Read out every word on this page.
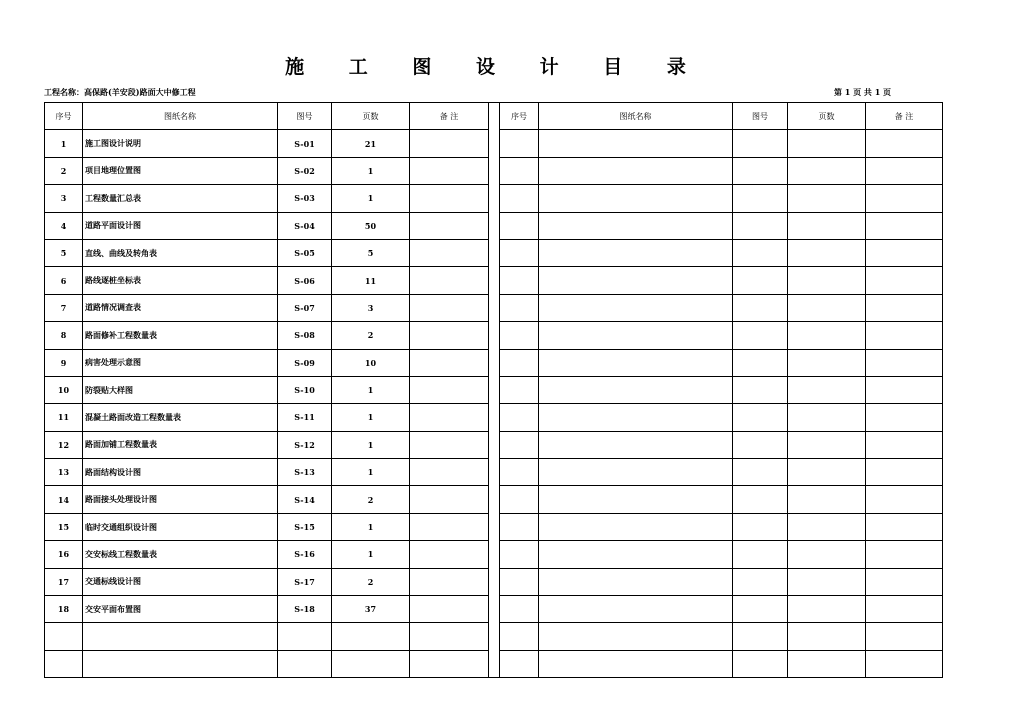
施 工 图 设 计 目 录
工程名称：高保路(羊安段)路面大中修工程	第 1 页 共 1 页
序号	图纸名称	图号	页数	备 注		序号	图纸名称	图号	页数	备 注
1	施工图设计说明	S-01	21							
2	项目地理位置图	S-02	1							
3	工程数量汇总表	S-03	1							
4	道路平面设计图	S-04	50							
5	直线、曲线及转角表	S-05	5							
6	路线逐桩坐标表	S-06	11							
7	道路情况调查表	S-07	3							
8	路面修补工程数量表	S-08	2							
9	病害处理示意图	S-09	10							
10	防裂贴大样图	S-10	1							
11	混凝土路面改造工程数量表	S-11	1							
12	路面加铺工程数量表	S-12	1							
13	路面结构设计图	S-13	1							
14	路面接头处理设计图	S-14	2							
15	临时交通组织设计图	S-15	1							
16	交安标线工程数量表	S-16	1							
17	交通标线设计图	S-17	2							
18	交安平面布置图	S-18	37							
